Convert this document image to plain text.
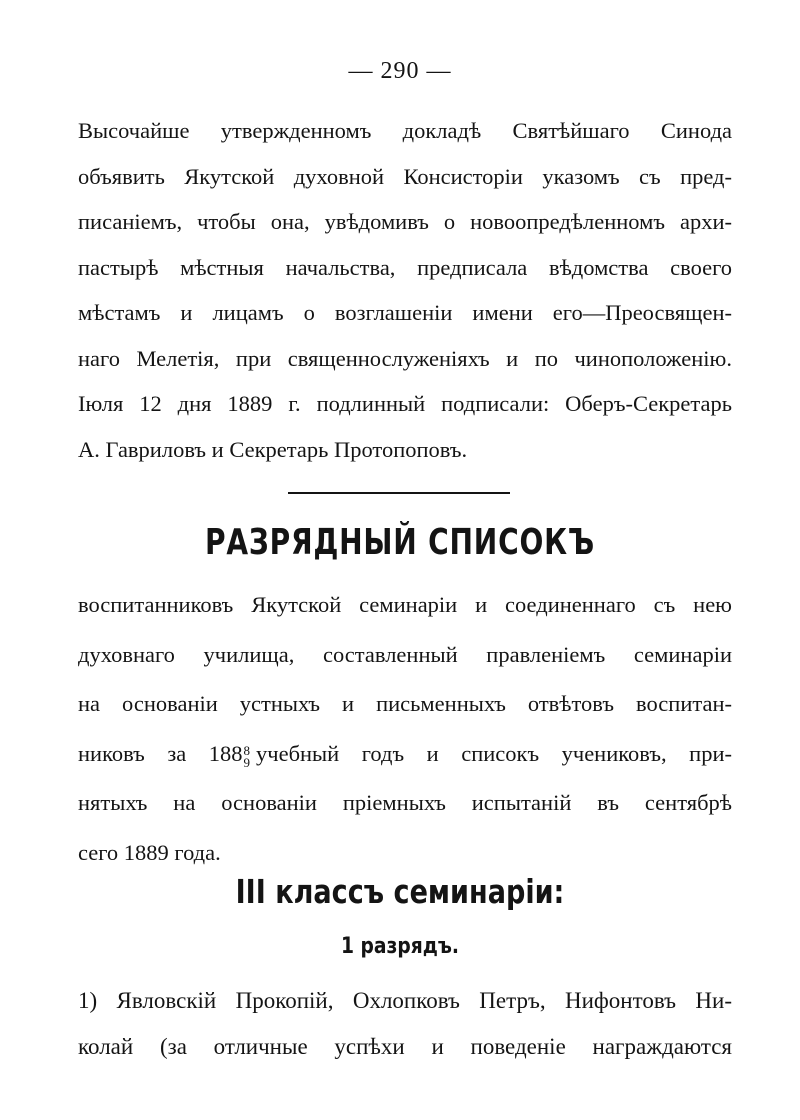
— 290 —
Высочайше утвержденномъ докладѣ Святѣйшаго Синода
объявить Якутской духовной Консисторіи указомъ съ пред-
писаніемъ, чтобы она, увѣдомивъ о новоопредѣленномъ архи-
пастырѣ мѣстныя начальства, предписала вѣдомства своего
мѣстамъ и лицамъ о возглашеніи имени его—Преосвящен-
наго Мелетія, при священнослуженіяхъ и по чиноположенію.
Іюля 12 дня 1889 г. подлинный подписали: Оберъ-Секретарь
А. Гавриловъ и Секретарь Протопоповъ.
РАЗРЯДНЫЙ СПИСОКЪ
воспитанниковъ Якутской семинаріи и соединеннаго съ нею
духовнаго училища, составленный правленіемъ семинаріи
на основаніи устныхъ и письменныхъ отвѣтовъ воспитан-
никовъ за 188 8
9 учебный годъ и списокъ учениковъ, при-
нятыхъ на основаніи пріемныхъ испытаній въ сентябрѣ
сего 1889 года.
III классъ семинаріи:
1 разрядъ.
1) Явловскій Прокопій, Охлопковъ Петръ, Нифонтовъ Ни-
колай (за отличные успѣхи и поведеніе награждаются
